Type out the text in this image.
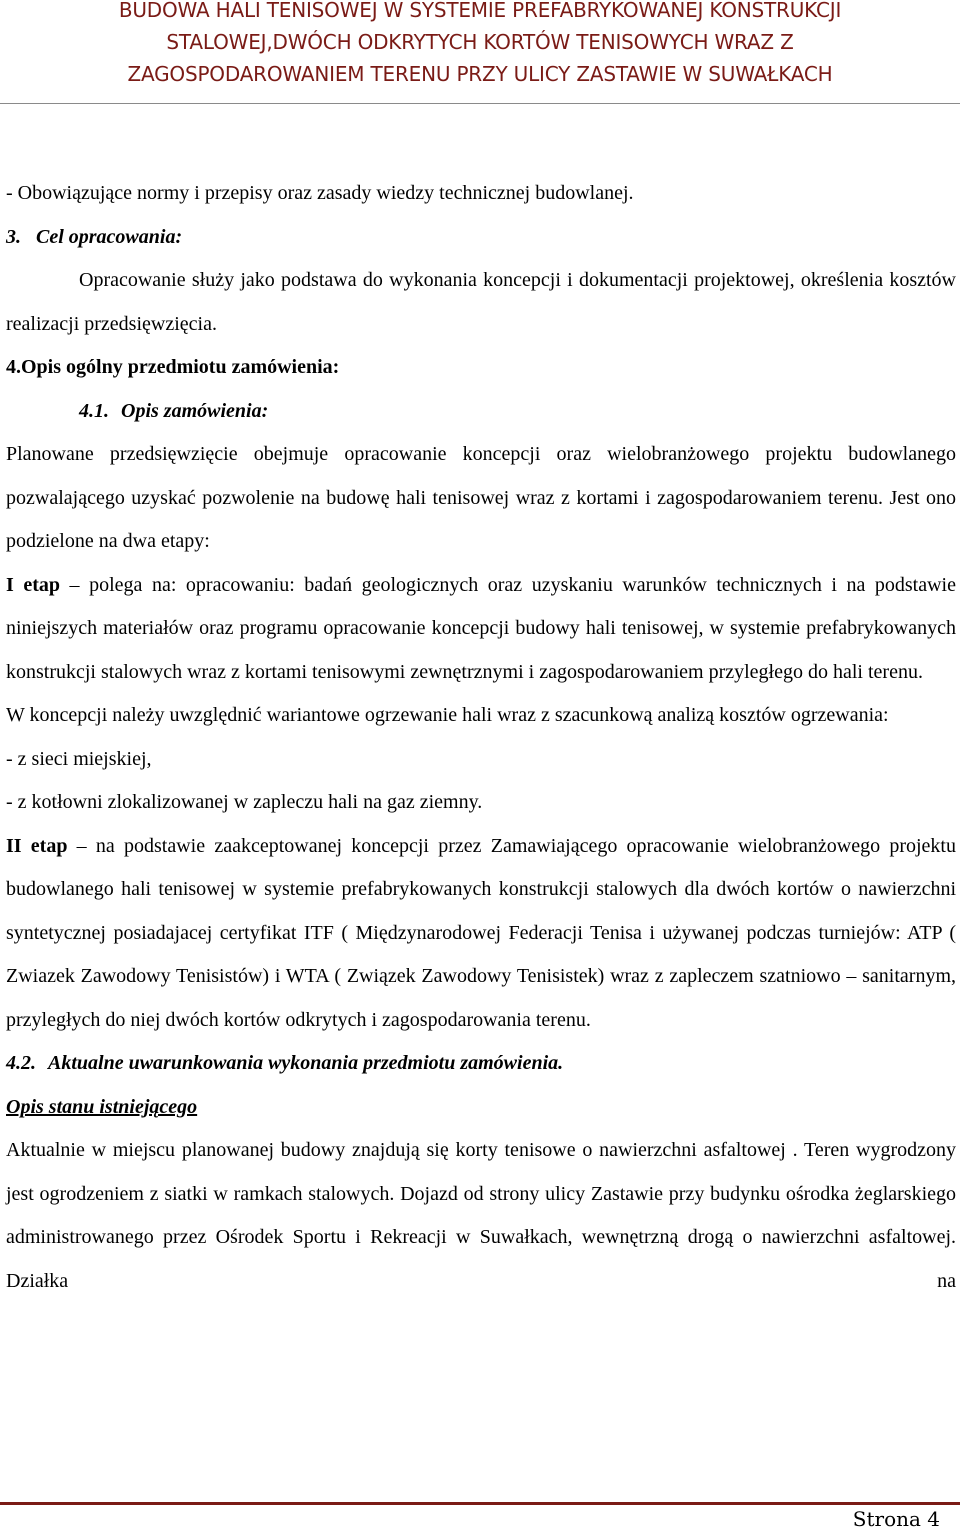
BUDOWA HALI TENISOWEJ W SYSTEMIE PREFABRYKOWANEJ KONSTRUKCJI
STALOWEJ,DWÓCH ODKRYTYCH KORTÓW TENISOWYCH WRAZ Z
ZAGOSPODAROWANIEM TERENU PRZY ULICY ZASTAWIE W SUWAŁKACH

- Obowiązujące normy i przepisy oraz zasady wiedzy technicznej budowlanej.

3. Cel opracowania:

Opracowanie służy jako podstawa do wykonania koncepcji i dokumentacji projektowej, określenia kosztów realizacji przedsięwzięcia.

4.Opis ogólny przedmiotu zamówienia:

4.1. Opis zamówienia:

Planowane przedsięwzięcie obejmuje opracowanie koncepcji oraz wielobranżowego projektu budowlanego pozwalającego uzyskać pozwolenie na budowę hali tenisowej wraz z kortami i zagospodarowaniem terenu. Jest ono podzielone na dwa etapy:

I etap – polega na: opracowaniu: badań geologicznych oraz uzyskaniu warunków technicznych i na podstawie niniejszych materiałów oraz programu opracowanie koncepcji budowy hali tenisowej, w systemie prefabrykowanych konstrukcji stalowych wraz z kortami tenisowymi zewnętrznymi i zagospodarowaniem przyległego do hali terenu.

W koncepcji należy uwzględnić wariantowe ogrzewanie hali wraz z szacunkową analizą kosztów ogrzewania:

- z sieci miejskiej,

- z kotłowni zlokalizowanej w zapleczu hali na gaz ziemny.

II etap – na podstawie zaakceptowanej koncepcji przez Zamawiającego opracowanie wielobranżowego projektu budowlanego hali tenisowej w systemie prefabrykowanych konstrukcji stalowych dla dwóch kortów o nawierzchni syntetycznej posiadajacej certyfikat ITF ( Międzynarodowej Federacji Tenisa i używanej podczas turniejów: ATP ( Zwiazek Zawodowy Tenisistów) i WTA ( Związek Zawodowy Tenisistek) wraz z zapleczem szatniowo – sanitarnym, przyległych do niej dwóch kortów odkrytych i zagospodarowania terenu.

4.2. Aktualne uwarunkowania wykonania przedmiotu zamówienia.

Opis stanu istniejącego

Aktualnie w miejscu planowanej budowy znajdują się korty tenisowe o nawierzchni asfaltowej . Teren wygrodzony jest ogrodzeniem z siatki w ramkach stalowych. Dojazd od strony ulicy Zastawie przy budynku ośrodka żeglarskiego administrowanego przez Ośrodek Sportu i Rekreacji w Suwałkach, wewnętrzną drogą o nawierzchni asfaltowej. Działka na

Strona 4
